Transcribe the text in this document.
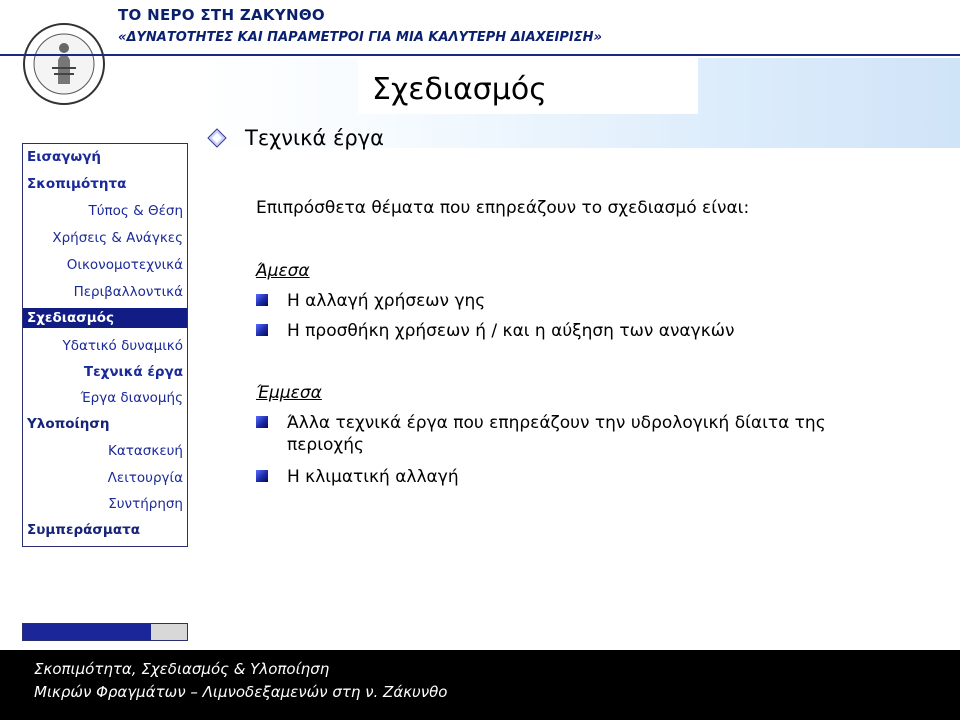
ΤΟ ΝΕΡΟ ΣΤΗ ΖΑΚΥΝΘΟ
«ΔΥΝΑΤΟΤΗΤΕΣ ΚΑΙ ΠΑΡΑΜΕΤΡΟΙ ΓΙΑ ΜΙΑ ΚΑΛΥΤΕΡΗ ΔΙΑΧΕΙΡΙΣΗ»
Σχεδιασμός
Τεχνικά έργα
Εισαγωγή
Σκοπιμότητα
Τύπος & Θέση
Χρήσεις & Ανάγκες
Οικονομοτεχνικά
Περιβαλλοντικά
Σχεδιασμός
Υδατικό δυναμικό
Τεχνικά έργα
Έργα διανομής
Υλοποίηση
Κατασκευή
Λειτουργία
Συντήρηση
Συμπεράσματα
Επιπρόσθετα θέματα που επηρεάζουν το σχεδιασμό είναι:
Άμεσα
Η αλλαγή χρήσεων γης
Η προσθήκη χρήσεων ή / και η αύξηση των αναγκών
Έμμεσα
Άλλα τεχνικά έργα που επηρεάζουν την υδρολογική δίαιτα της περιοχής
Η κλιματική αλλαγή
Σκοπιμότητα, Σχεδιασμός & Υλοποίηση
Μικρών Φραγμάτων – Λιμνοδεξαμενών στη ν. Ζάκυνθο
